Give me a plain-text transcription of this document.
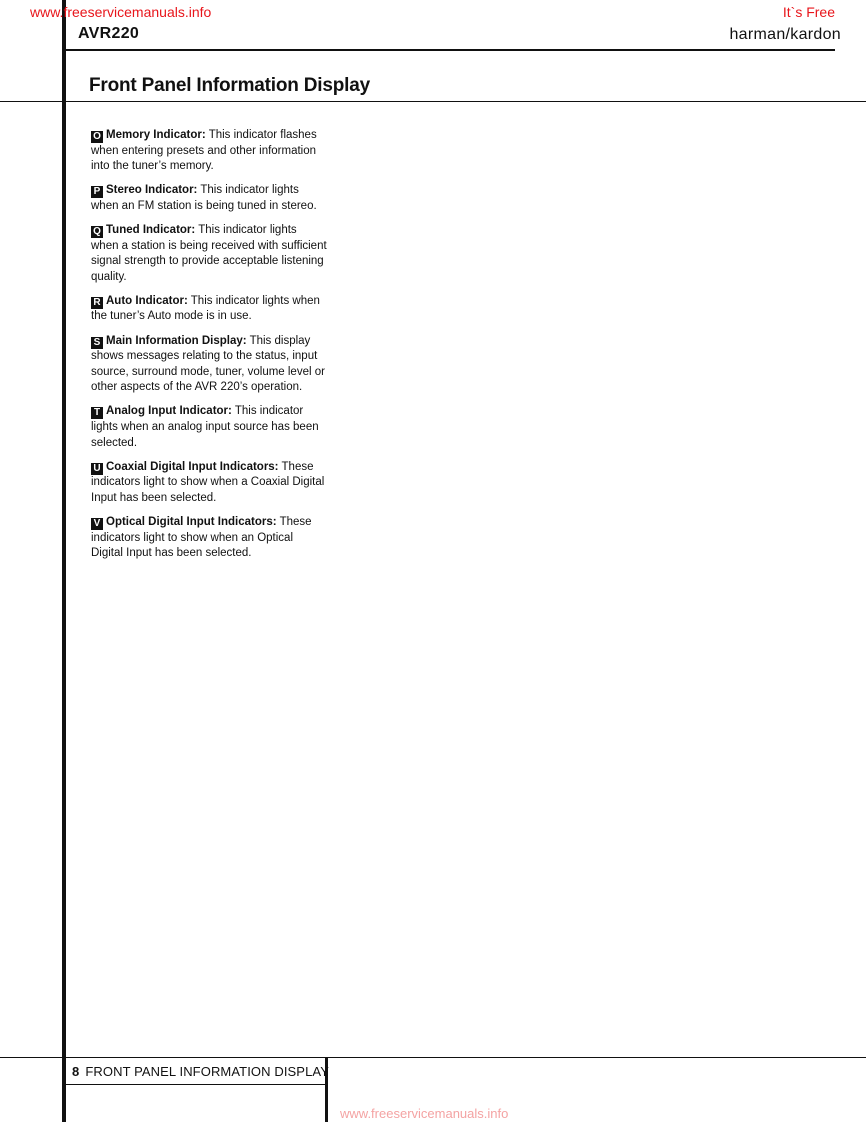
www.freeservicemanuals.info	It`s Free
AVR220	harman/kardon
Front Panel Information Display

O Memory Indicator: This indicator flashes when entering presets and other information into the tuner’s memory.

P Stereo Indicator: This indicator lights when an FM station is being tuned in stereo.

Q Tuned Indicator: This indicator lights when a station is being received with sufficient signal strength to provide acceptable listening quality.

R Auto Indicator: This indicator lights when the tuner’s Auto mode is in use.

S Main Information Display: This display shows messages relating to the status, input source, surround mode, tuner, volume level or other aspects of the AVR 220’s operation.

T Analog Input Indicator: This indicator lights when an analog input source has been selected.

U Coaxial Digital Input Indicators: These indicators light to show when a Coaxial Digital Input has been selected.

V Optical Digital Input Indicators: These indicators light to show when an Optical Digital Input has been selected.

8 FRONT PANEL INFORMATION DISPLAY
www.freeservicemanuals.info
